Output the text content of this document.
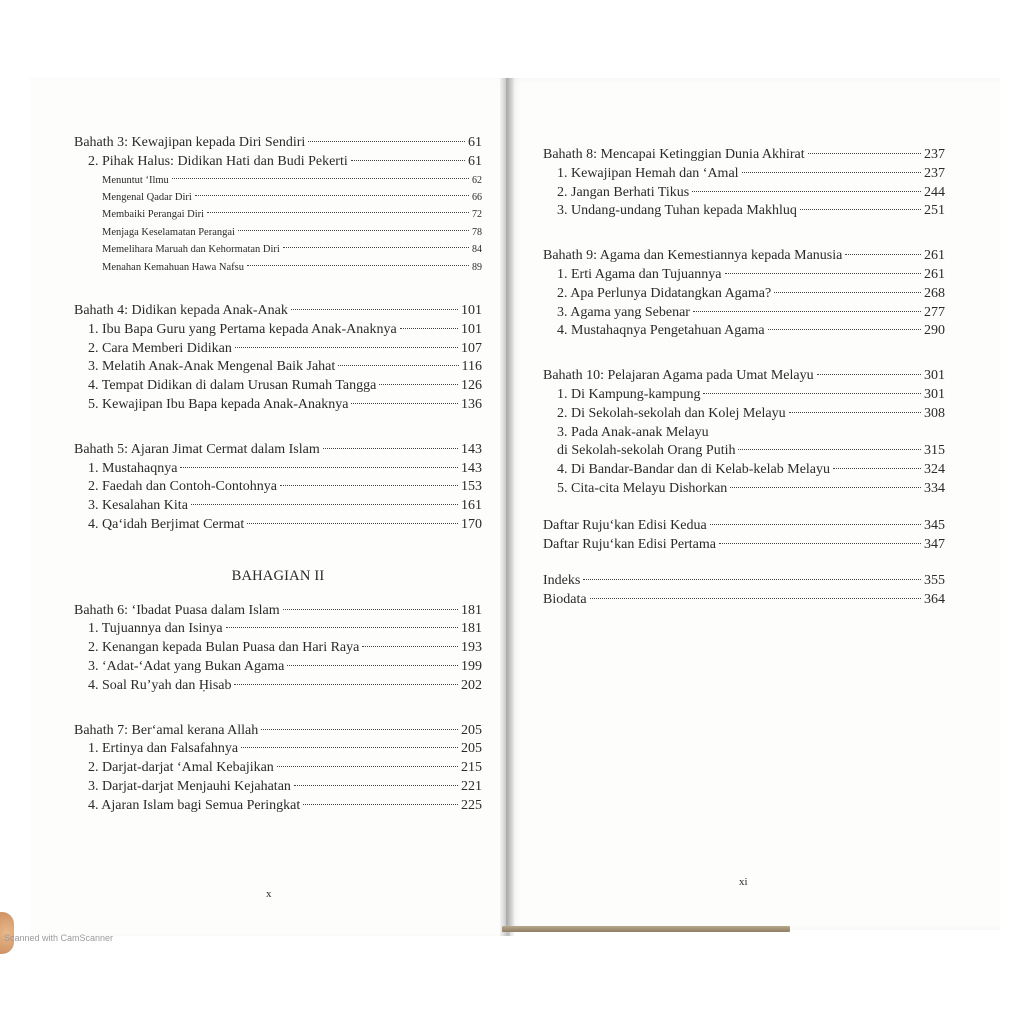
Bahath 3: Kewajipan kepada Diri Sendiri	61
2. Pihak Halus: Didikan Hati dan Budi Pekerti	61
Menuntut ‘Ilmu	62
Mengenal Qadar Diri	66
Membaiki Perangai Diri	72
Menjaga Keselamatan Perangai	78
Memelihara Maruah dan Kehormatan Diri	84
Menahan Kemahuan Hawa Nafsu	89
Bahath 4: Didikan kepada Anak-Anak	101
1. Ibu Bapa Guru yang Pertama kepada Anak-Anaknya	101
2. Cara Memberi Didikan	107
3. Melatih Anak-Anak Mengenal Baik Jahat	116
4. Tempat Didikan di dalam Urusan Rumah Tangga	126
5. Kewajipan Ibu Bapa kepada Anak-Anaknya	136
Bahath 5: Ajaran Jimat Cermat dalam Islam	143
1. Mustahaqnya	143
2. Faedah dan Contoh-Contohnya	153
3. Kesalahan Kita	161
4. Qa‘idah Berjimat Cermat	170
BAHAGIAN II
Bahath 6: ‘Ibadat Puasa dalam Islam	181
1. Tujuannya dan Isinya	181
2. Kenangan kepada Bulan Puasa dan Hari Raya	193
3. ‘Adat-‘Adat yang Bukan Agama	199
4. Soal Ru’yah dan Ḥisab	202
Bahath 7: Ber‘amal kerana Allah	205
1. Ertinya dan Falsafahnya	205
2. Darjat-darjat ‘Amal Kebajikan	215
3. Darjat-darjat Menjauhi Kejahatan	221
4. Ajaran Islam bagi Semua Peringkat	225
x
Bahath 8: Mencapai Ketinggian Dunia Akhirat	237
1. Kewajipan Hemah dan ‘Amal	237
2. Jangan Berhati Tikus	244
3. Undang-undang Tuhan kepada Makhluq	251
Bahath 9: Agama dan Kemestiannya kepada Manusia	261
1. Erti Agama dan Tujuannya	261
2. Apa Perlunya Didatangkan Agama?	268
3. Agama yang Sebenar	277
4. Mustahaqnya Pengetahuan Agama	290
Bahath 10: Pelajaran Agama pada Umat Melayu	301
1. Di Kampung-kampung	301
2. Di Sekolah-sekolah dan Kolej Melayu	308
3. Pada Anak-anak Melayu
di Sekolah-sekolah Orang Putih	315
4. Di Bandar-Bandar dan di Kelab-kelab Melayu	324
5. Cita-cita Melayu Dishorkan	334
Daftar Ruju‘kan Edisi Kedua	345
Daftar Ruju‘kan Edisi Pertama	347
Indeks	355
Biodata	364
xi
Scanned with CamScanner
